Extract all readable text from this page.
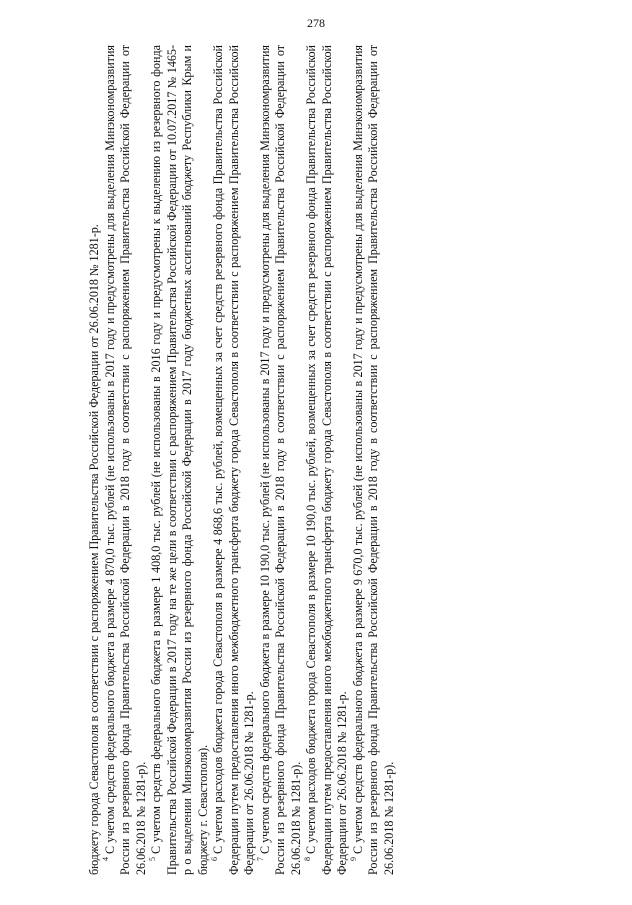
278

бюджету города Севастополя в соответствии с распоряжением Правительства Российской Федерации от 26.06.2018 № 1281-р. $^4$С учетом средств федерального бюджета в размере 4 870,0 тыс. рублей (не использованы в 2017 году и предусмотрены для выделения Минэкономразвития России из резервного фонда Правительства Российской Федерации в 2018 году в соответствии с распоряжением Правительства Российской Федерации от 26.06.2018 № 1281-р). $^5$С учетом средств федерального бюджета в размере 1 408,0 тыс. рублей (не использованы в 2016 году и предусмотрены к выделению из резервного фонда Правительства Российской Федерации в 2017 году на те же цели в соответствии с распоряжением Правительства Российской Федерации от 10.07.2017 № 1465-р о выделении Минэкономразвития России из резервного фонда Российской Федерации в 2017 году бюджетных ассигнований бюджету Республики Крым и бюджету г. Севастополя). $^6$С учетом расходов бюджета города Севастополя в размере 4 868,6 тыс. рублей, возмещенных за счет средств резервного фонда Правительства Российской Федерации путем предоставления иного межбюджетного трансферта бюджету города Севастополя в соответствии с распоряжением Правительства Российской Федерации от 26.06.2018 № 1281-р. $^7$С учетом средств федерального бюджета в размере 10 190,0 тыс. рублей (не использованы в 2017 году и предусмотрены для выделения Минэкономразвития России из резервного фонда Правительства Российской Федерации в 2018 году в соответствии с распоряжением Правительства Российской Федерации от 26.06.2018 № 1281-р). $^8$С учетом расходов бюджета города Севастополя в размере 10 190,0 тыс. рублей, возмещенных за счет средств резервного фонда Правительства Российской Федерации путем предоставления иного межбюджетного трансферта бюджету города Севастополя в соответствии с распоряжением Правительства Российской Федерации от 26.06.2018 № 1281-р. $^9$С учетом средств федерального бюджета в размере 9 670,0 тыс. рублей (не использованы в 2017 году и предусмотрены для выделения Минэкономразвития России из резервного фонда Правительства Российской Федерации в 2018 году в соответствии с распоряжением Правительства Российской Федерации от 26.06.2018 № 1281-р).
